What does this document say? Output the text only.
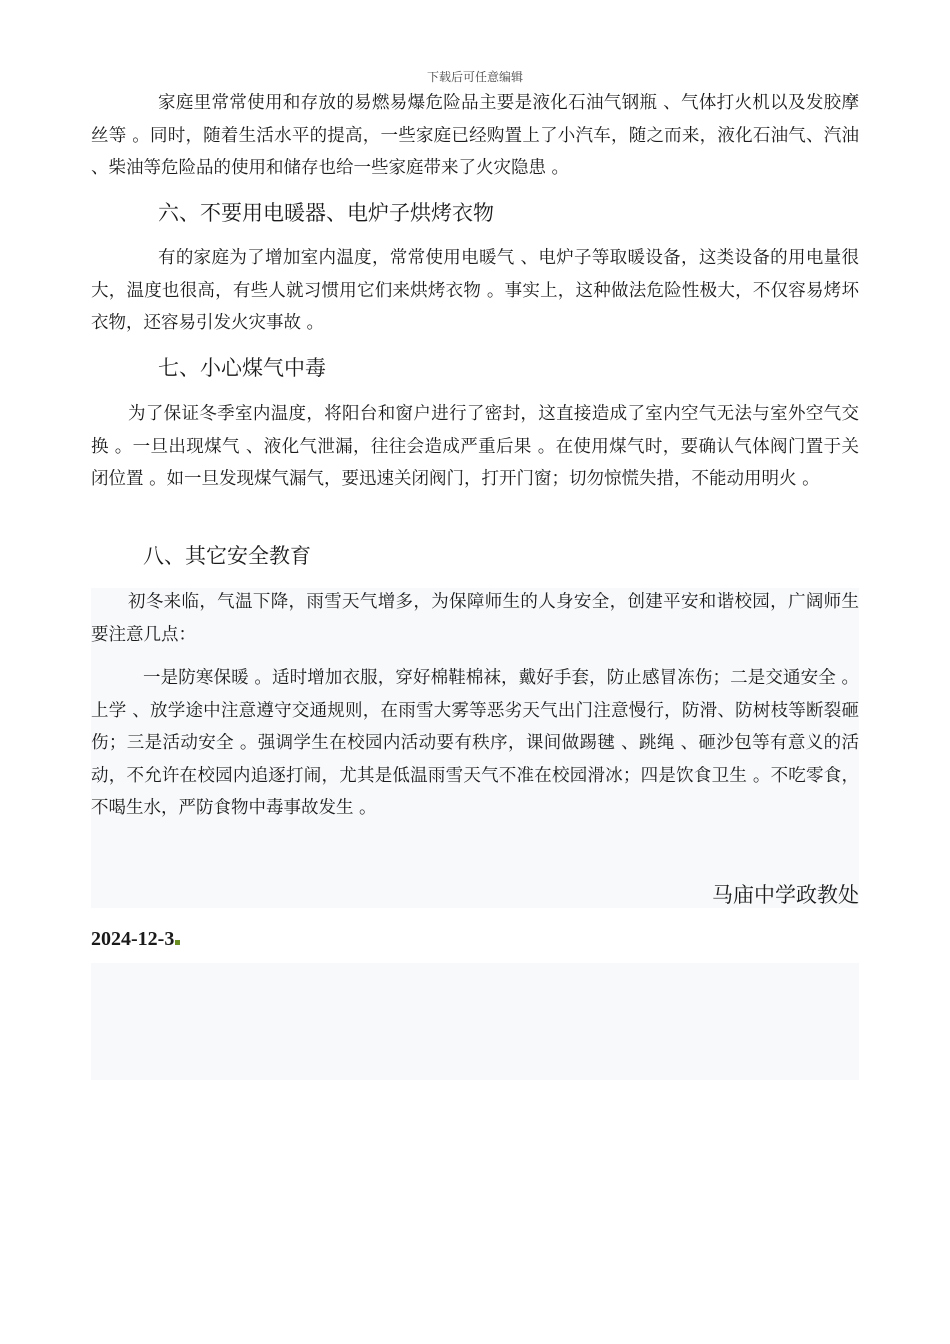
下载后可任意编辑

家庭里常常使用和存放的易燃易爆危险品主要是液化石油气钢瓶 、气体打火机以及发胶摩丝等 。同时，随着生活水平的提高，一些家庭已经购置上了小汽车，随之而来，液化石油气、汽油 、柴油等危险品的使用和储存也给一些家庭带来了火灾隐患 。

六、不要用电暖器、电炉子烘烤衣物

有的家庭为了增加室内温度，常常使用电暖气 、电炉子等取暖设备，这类设备的用电量很大，温度也很高，有些人就习惯用它们来烘烤衣物 。事实上，这种做法危险性极大，不仅容易烤坏衣物，还容易引发火灾事故 。

七、小心煤气中毒

为了保证冬季室内温度，将阳台和窗户进行了密封，这直接造成了室内空气无法与室外空气交换 。一旦出现煤气 、液化气泄漏，往往会造成严重后果 。在使用煤气时，要确认气体阀门置于关闭位置 。如一旦发现煤气漏气，要迅速关闭阀门，打开门窗；切勿惊慌失措，不能动用明火 。

八、其它安全教育

初冬来临，气温下降，雨雪天气增多，为保障师生的人身安全，创建平安和谐校园，广阔师生要注意几点：

一是防寒保暖 。适时增加衣服，穿好棉鞋棉袜，戴好手套，防止感冒冻伤；二是交通安全 。上学 、放学途中注意遵守交通规则，在雨雪大雾等恶劣天气出门注意慢行，防滑、防树枝等断裂砸伤；三是活动安全 。强调学生在校园内活动要有秩序，课间做踢毽 、跳绳 、砸沙包等有意义的活动，不允许在校园内追逐打闹，尤其是低温雨雪天气不准在校园滑冰；四是饮食卫生 。不吃零食，不喝生水，严防食物中毒事故发生 。

马庙中学政教处
2024-12-3
